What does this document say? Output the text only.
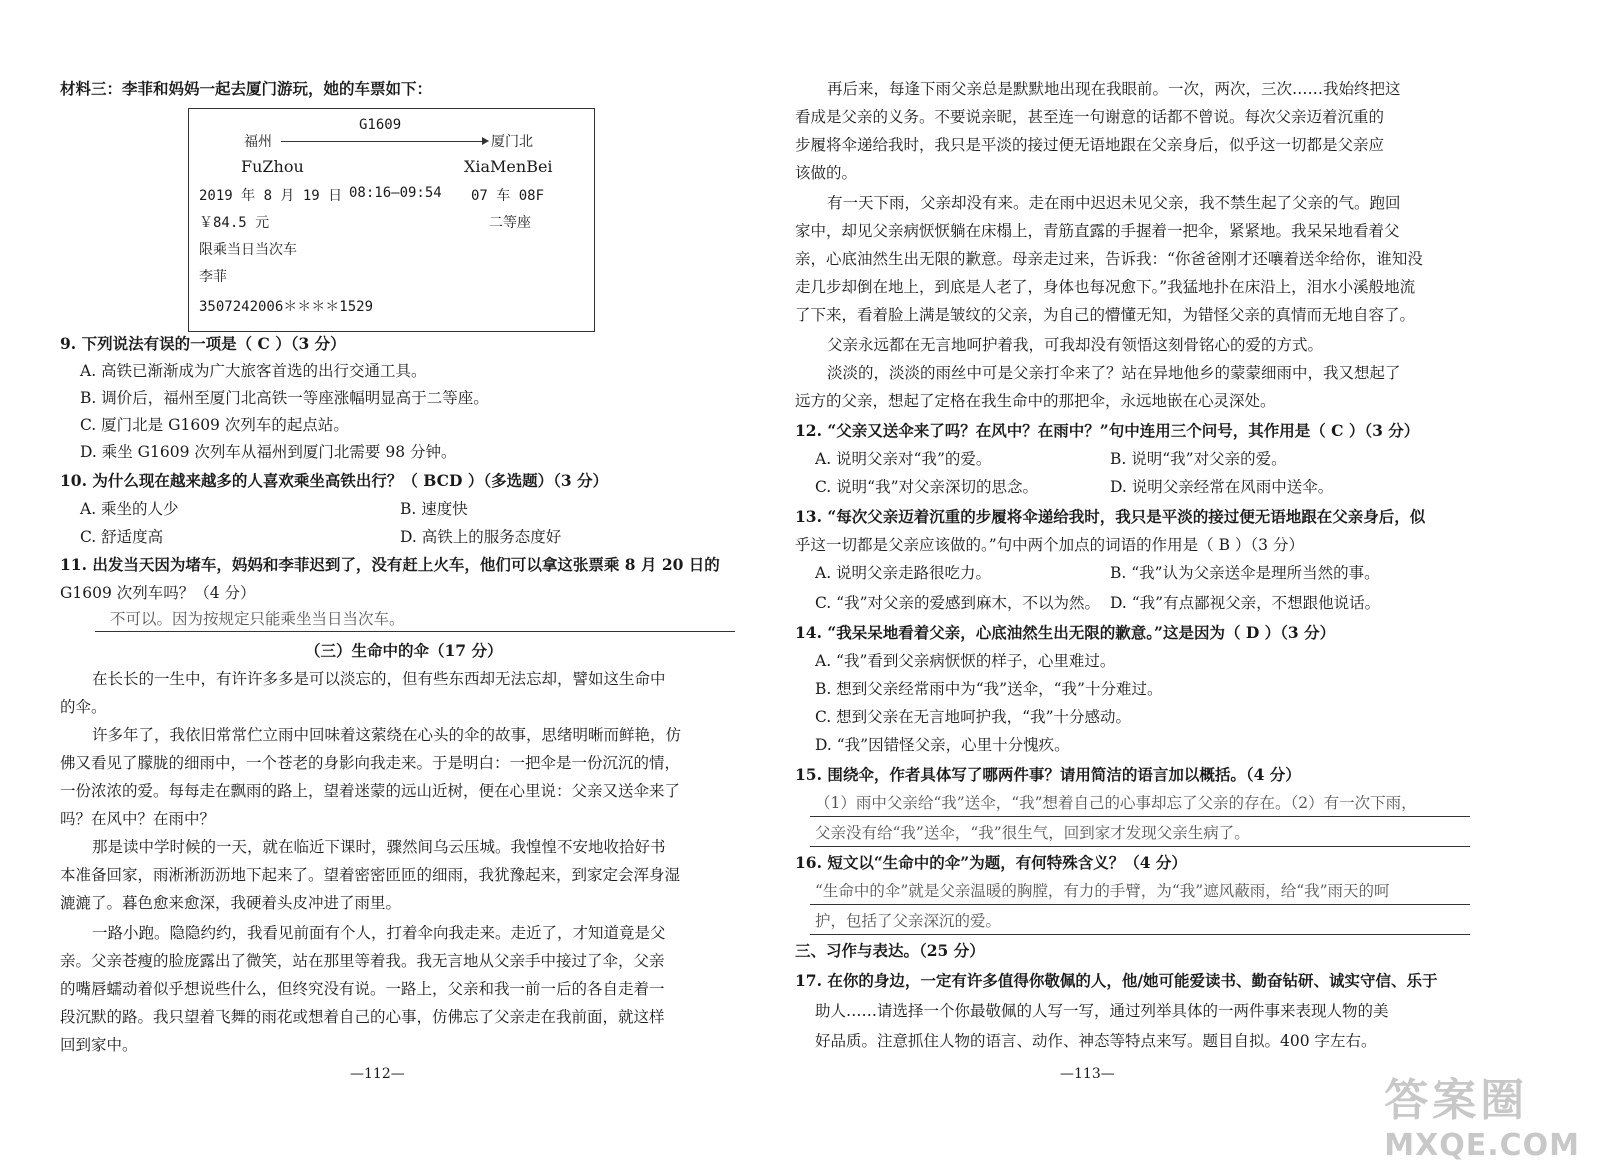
材料三：李菲和妈妈一起去厦门游玩，她的车票如下：
G1609
福州	厦门北
FuZhou	XiaMenBei
2019 年 8 月 19 日 08:16—09:54 07 车 08F
￥84.5 元	二等座
限乘当日当次车
李菲
3507242006＊＊＊＊1529
9. 下列说法有误的一项是（ C ）（3 分）
A. 高铁已渐渐成为广大旅客首选的出行交通工具。
B. 调价后，福州至厦门北高铁一等座涨幅明显高于二等座。
C. 厦门北是 G1609 次列车的起点站。
D. 乘坐 G1609 次列车从福州到厦门北需要 98 分钟。
10. 为什么现在越来越多的人喜欢乘坐高铁出行？（ BCD ）（多选题）（3 分）
A. 乘坐的人少	B. 速度快
C. 舒适度高	D. 高铁上的服务态度好
11. 出发当天因为堵车，妈妈和李菲迟到了，没有赶上火车，他们可以拿这张票乘 8 月 20 日的
G1609 次列车吗？（4 分）
不可以。因为按规定只能乘坐当日当次车。
（三）生命中的伞（17 分）
在长长的一生中，有许许多多是可以淡忘的，但有些东西却无法忘却，譬如这生命中
的伞。
许多年了，我依旧常常伫立雨中回味着这萦绕在心头的伞的故事，思绪明晰而鲜艳，仿
佛又看见了朦胧的细雨中，一个苍老的身影向我走来。于是明白：一把伞是一份沉沉的情，
一份浓浓的爱。每每走在飘雨的路上，望着迷蒙的远山近树，便在心里说：父亲又送伞来了
吗？在风中？在雨中？
那是读中学时候的一天，就在临近下课时，骤然间乌云压城。我惶惶不安地收拾好书
本准备回家，雨淅淅沥沥地下起来了。望着密密匝匝的细雨，我犹豫起来，到家定会浑身湿
漉漉了。暮色愈来愈深，我硬着头皮冲进了雨里。
一路小跑。隐隐约约，我看见前面有个人，打着伞向我走来。走近了，才知道竟是父
亲。父亲苍瘦的脸庞露出了微笑，站在那里等着我。我无言地从父亲手中接过了伞，父亲
的嘴唇蠕动着似乎想说些什么，但终究没有说。一路上，父亲和我一前一后的各自走着一
段沉默的路。我只望着飞舞的雨花或想着自己的心事，仿佛忘了父亲走在我前面，就这样
回到家中。
—112—
再后来，每逢下雨父亲总是默默地出现在我眼前。一次，两次，三次……我始终把这
看成是父亲的义务。不要说亲昵，甚至连一句谢意的话都不曾说。每次父亲迈着沉重的
步履将伞递给我时，我只是平淡的接过便无语地跟在父亲身后，似乎这一切都是父亲应
该做的。
有一天下雨，父亲却没有来。走在雨中迟迟未见父亲，我不禁生起了父亲的气。跑回
家中，却见父亲病恹恹躺在床榻上，青筋直露的手握着一把伞，紧紧地。我呆呆地看着父
亲，心底油然生出无限的歉意。母亲走过来，告诉我：“你爸爸刚才还嚷着送伞给你，谁知没
走几步却倒在地上，到底是人老了，身体也每况愈下。”我猛地扑在床沿上，泪水小溪般地流
了下来，看着脸上满是皱纹的父亲，为自己的懵懂无知，为错怪父亲的真情而无地自容了。
父亲永远都在无言地呵护着我，可我却没有领悟这刻骨铭心的爱的方式。
淡淡的，淡淡的雨丝中可是父亲打伞来了？站在异地他乡的蒙蒙细雨中，我又想起了
远方的父亲，想起了定格在我生命中的那把伞，永远地嵌在心灵深处。
12. “父亲又送伞来了吗？在风中？在雨中？”句中连用三个问号，其作用是（ C ）（3 分）
A. 说明父亲对“我”的爱。	B. 说明“我”对父亲的爱。
C. 说明“我”对父亲深切的思念。	D. 说明父亲经常在风雨中送伞。
13. “每次父亲迈着沉重的步履将伞递给我时，我只是平淡的接过便无语地跟在父亲身后，似
乎这一切都是父亲应该做的。”句中两个加点的词语的作用是（ B ）（3 分）
A. 说明父亲走路很吃力。	B. “我”认为父亲送伞是理所当然的事。
C. “我”对父亲的爱感到麻木，不以为然。 D. “我”有点鄙视父亲，不想跟他说话。
14. “我呆呆地看着父亲，心底油然生出无限的歉意。”这是因为（ D ）（3 分）
A. “我”看到父亲病恹恹的样子，心里难过。
B. 想到父亲经常雨中为“我”送伞，“我”十分难过。
C. 想到父亲在无言地呵护我，“我”十分感动。
D. “我”因错怪父亲，心里十分愧疚。
15. 围绕伞，作者具体写了哪两件事？请用简洁的语言加以概括。（4 分）
（1）雨中父亲给“我”送伞，“我”想着自己的心事却忘了父亲的存在。（2）有一次下雨，
父亲没有给“我”送伞，“我”很生气，回到家才发现父亲生病了。
16. 短文以“生命中的伞”为题，有何特殊含义？（4 分）
“生命中的伞”就是父亲温暖的胸膛，有力的手臂，为“我”遮风蔽雨，给“我”雨天的呵
护，包括了父亲深沉的爱。
三、习作与表达。（25 分）
17. 在你的身边，一定有许多值得你敬佩的人，他/她可能爱读书、勤奋钻研、诚实守信、乐于
助人……请选择一个你最敬佩的人写一写，通过列举具体的一两件事来表现人物的美
好品质。注意抓住人物的语言、动作、神态等特点来写。题目自拟。400 字左右。
—113—
答案圈
MXQE.COM
